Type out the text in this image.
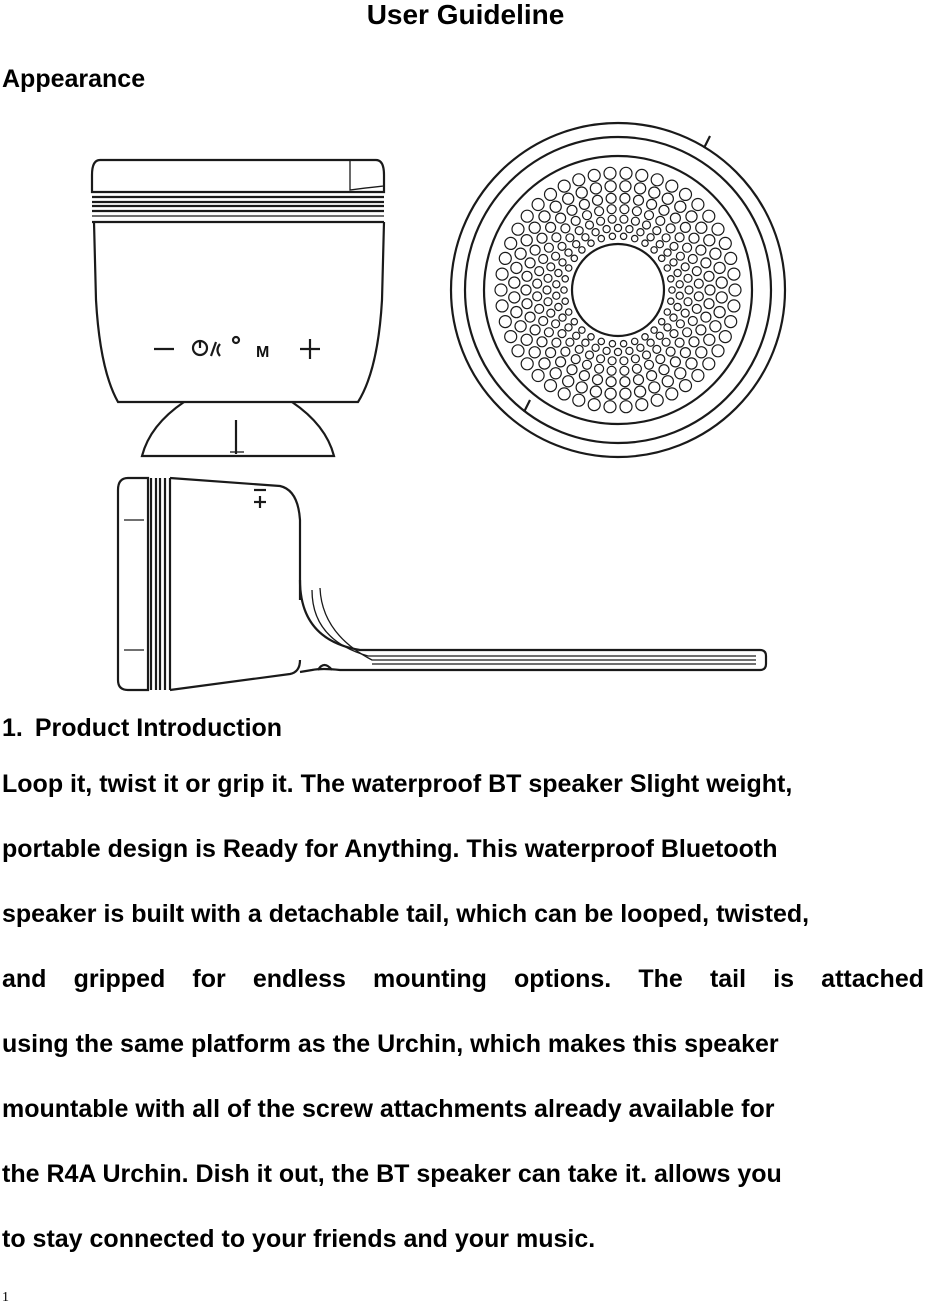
User Guideline
Appearance
M
1. Product Introduction
Loop it, twist it or grip it. The waterproof BT speaker Slight weight,
portable design is Ready for Anything. This waterproof Bluetooth
speaker is built with a detachable tail, which can be looped, twisted,
and gripped for endless mounting options. The tail is attached
using the same platform as the Urchin, which makes this speaker
mountable with all of the screw attachments already available for
the R4A Urchin. Dish it out, the BT speaker can take it. allows you
to stay connected to your friends and your music.
1
